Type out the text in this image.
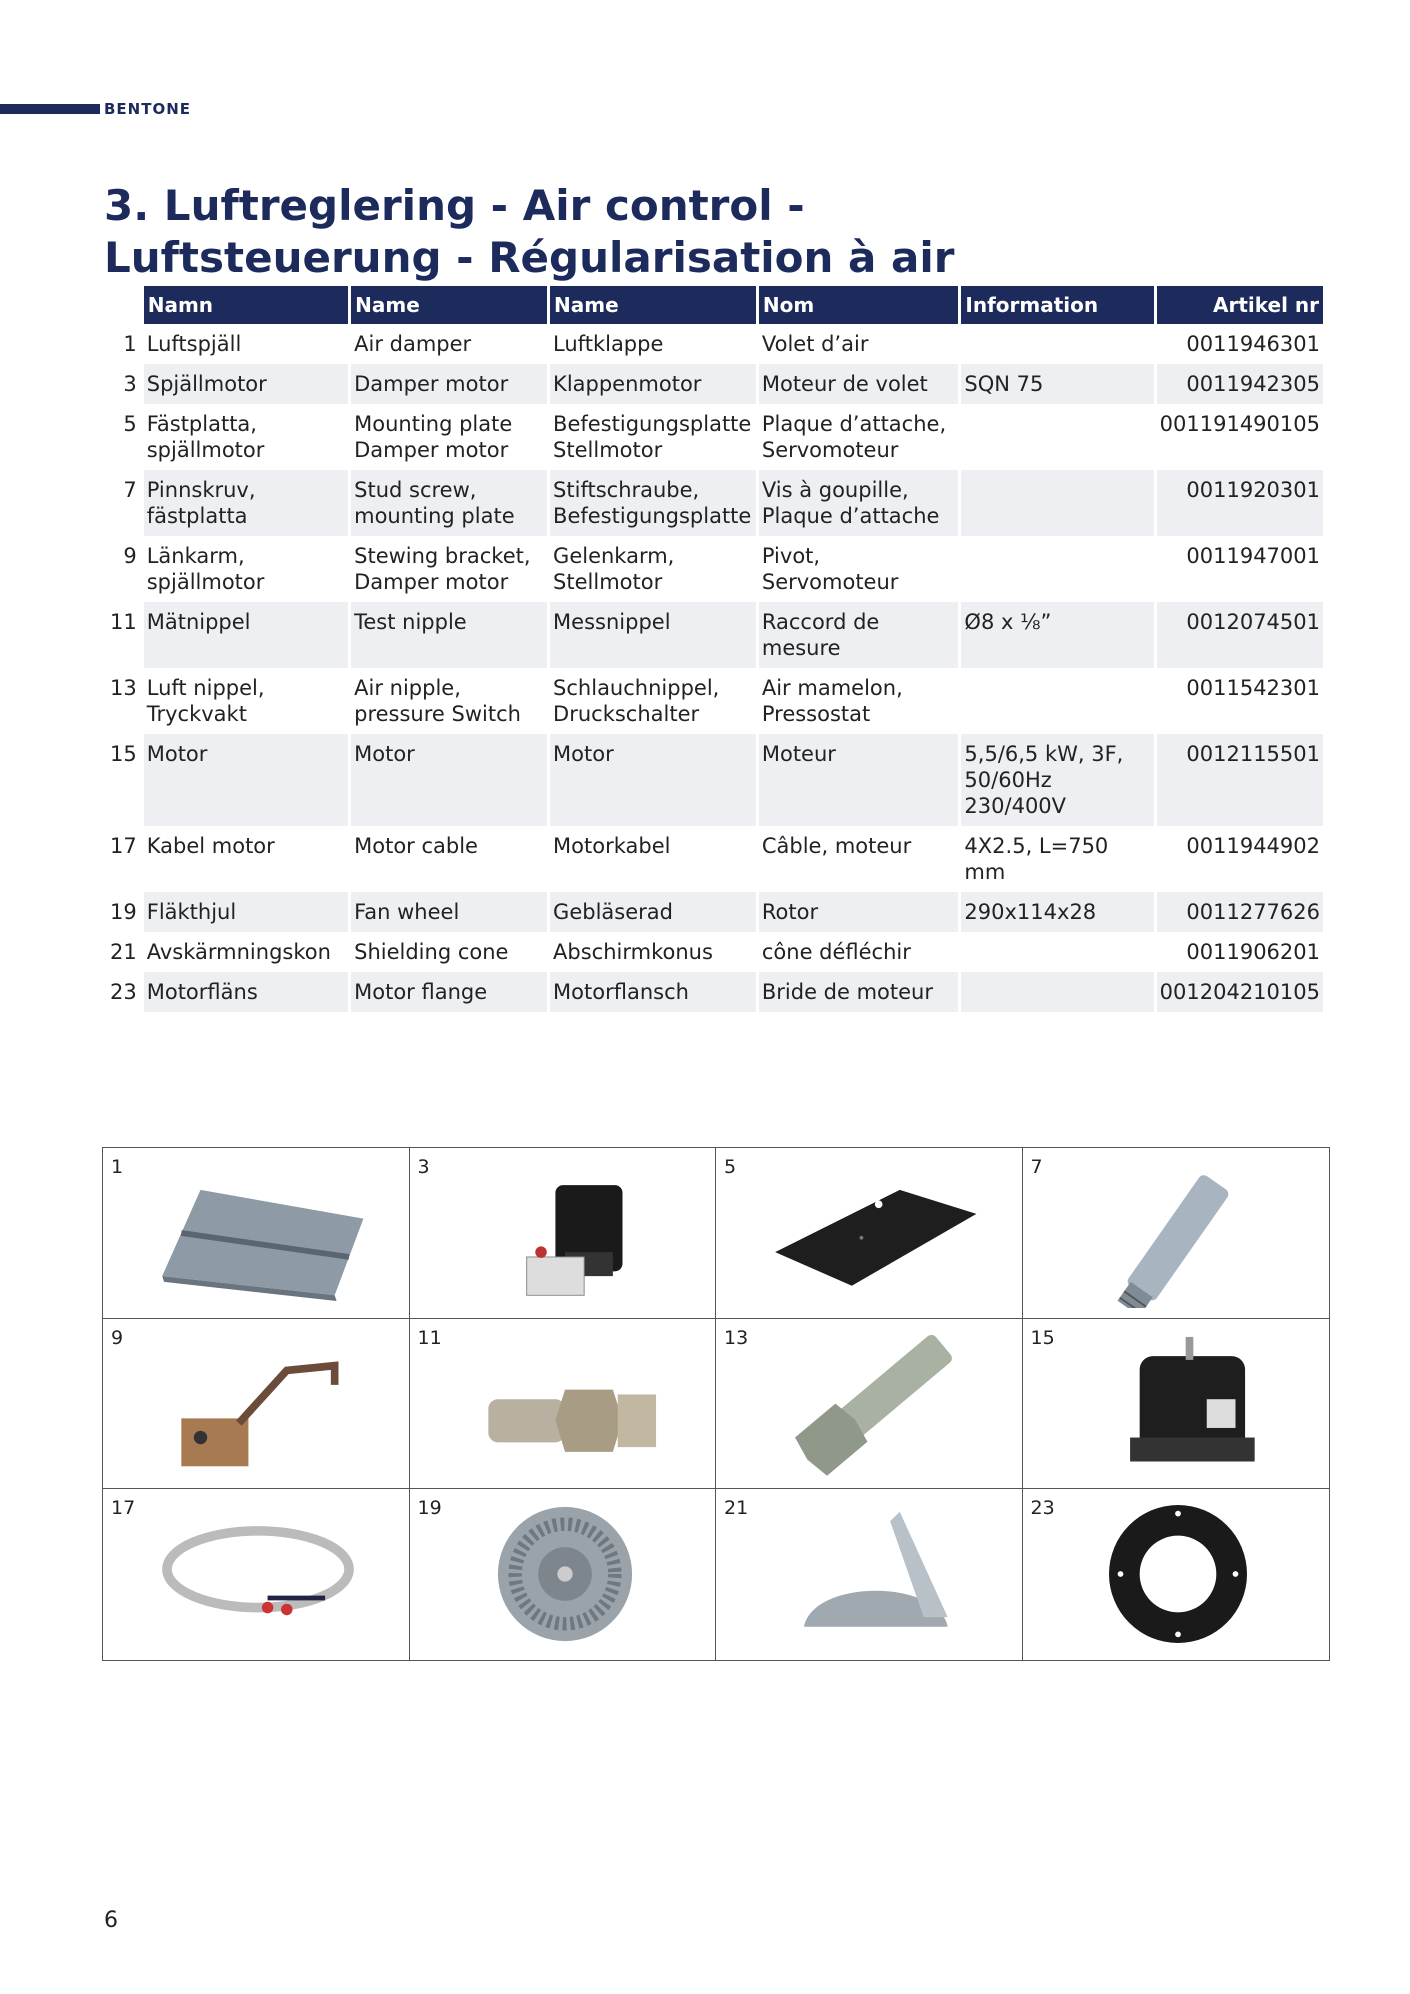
BENTONE
3. Luftreglering - Air control - Luftsteuerung - Régularisation à air
	Namn	Name	Name	Nom	Information	Artikel nr
1	Luftspjäll	Air damper	Luftklappe	Volet d’air		0011946301
3	Spjällmotor	Damper motor	Klappenmotor	Moteur de volet	SQN 75	0011942305
5	Fästplatta, spjällmotor	Mounting plate Damper motor	Befestigungsplatte Stellmotor	Plaque d’attache, Servomoteur		001191490105
7	Pinnskruv, fästplatta	Stud screw, mounting plate	Stiftschraube, Befestigungsplatte	Vis à goupille, Plaque d’attache		0011920301
9	Länkarm, spjällmotor	Stewing bracket, Damper motor	Gelenkarm, Stellmotor	Pivot, Servomoteur		0011947001
11	Mätnippel	Test nipple	Messnippel	Raccord de mesure	Ø8 x ⅛”	0012074501
13	Luft nippel, Tryckvakt	Air nipple, pressure Switch	Schlauchnippel, Druckschalter	Air mamelon, Pressostat		0011542301
15	Motor	Motor	Motor	Moteur	5,5/6,5 kW, 3F, 50/60Hz 230/400V	0012115501
17	Kabel motor	Motor cable	Motorkabel	Câble, moteur	4X2.5, L=750 mm	0011944902
19	Fläkthjul	Fan wheel	Gebläserad	Rotor	290x114x28	0011277626
21	Avskärmningskon	Shielding cone	Abschirmkonus	cône défléchir		0011906201
23	Motorfläns	Motor flange	Motorflansch	Bride de moteur		001204210105
1	3	5	7
9	11	13	15
17	19	21	23
6
